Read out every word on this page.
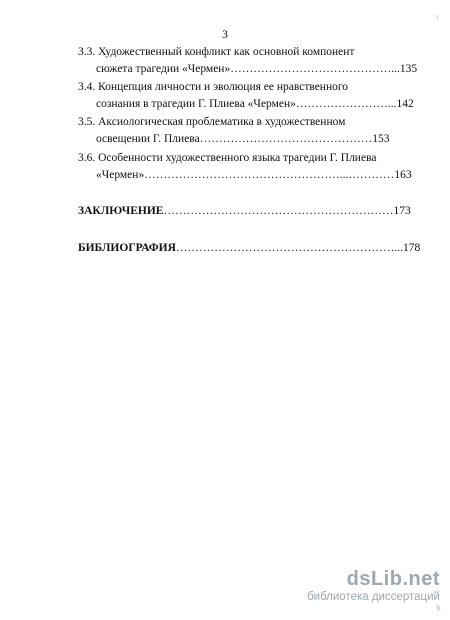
I
3
3.3. Художественный конфликт как основной компонент
сюжета трагедии «Чермен»……………………………………...135
3.4. Концепция личности и эволюция ее нравственного
сознания в трагедии Г. Плиева «Чермен»……………………...142
3.5. Аксиологическая проблематика в художественном
освещении Г. Плиева………………………………………153
3.6. Особенности художественного языка трагедии Г. Плиева
«Чермен»……………………………………………...…………163
ЗАКЛЮЧЕНИЕ……………………………………………………173
БИБЛИОГРАФИЯ…………………………………………………...178
dsLib.net
библиотека диссертаций
b
